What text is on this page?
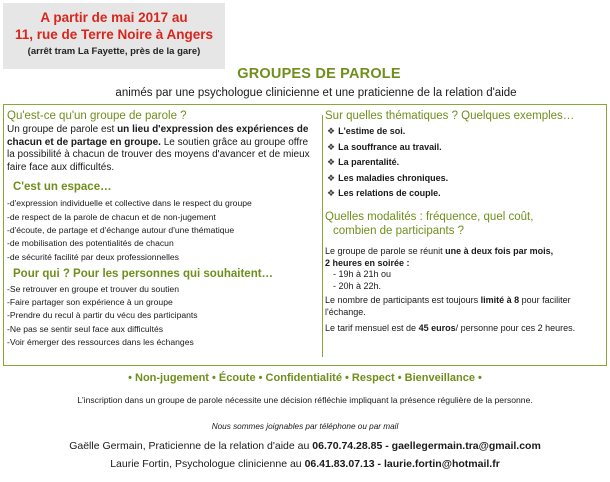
A partir de mai 2017 au
11, rue de Terre Noire à Angers
(arrêt tram La Fayette, près de la gare)
GROUPES DE PAROLE
animés par une psychologue clinicienne et une praticienne de la relation d'aide
Qu'est-ce qu'un groupe de parole ?
Un groupe de parole est un lieu d'expression des expériences de chacun et de partage en groupe. Le soutien grâce au groupe offre la possibilité à chacun de trouver des moyens d'avancer et de mieux faire face aux difficultés.
C'est un espace…
-d'expression individuelle et collective dans le respect du groupe
-de respect de la parole de chacun et de non-jugement
-d'écoute, de partage et d'échange autour d'une thématique
-de mobilisation des potentialités de chacun
-de sécurité facilité par deux professionnelles
Pour qui ? Pour les personnes qui souhaitent…
-Se retrouver en groupe et trouver du soutien
-Faire partager son expérience à un groupe
-Prendre du recul à partir du vécu des participants
-Ne pas se sentir seul face aux difficultés
-Voir émerger des ressources dans les échanges
Sur quelles thématiques ? Quelques exemples…
❖ L'estime de soi.
❖ La souffrance au travail.
❖ La parentalité.
❖ Les maladies chroniques.
❖ Les relations de couple.
Quelles modalités : fréquence, quel coût,
combien de participants ?
Le groupe de parole se réunit une à deux fois par mois,
2 heures en soirée :
- 19h à 21h ou
- 20h à 22h.
Le nombre de participants est toujours limité à 8 pour faciliter l'échange.
Le tarif mensuel est de 45 euros/ personne pour ces 2 heures.
• Non-jugement • Écoute • Confidentialité • Respect • Bienveillance •
L'inscription dans un groupe de parole nécessite une décision réfléchie impliquant la présence régulière de la personne.
Nous sommes joignables par téléphone ou par mail
Gaëlle Germain, Praticienne de la relation d'aide au 06.70.74.28.85 - gaellegermain.tra@gmail.com
Laurie Fortin, Psychologue clinicienne au 06.41.83.07.13 - laurie.fortin@hotmail.fr
